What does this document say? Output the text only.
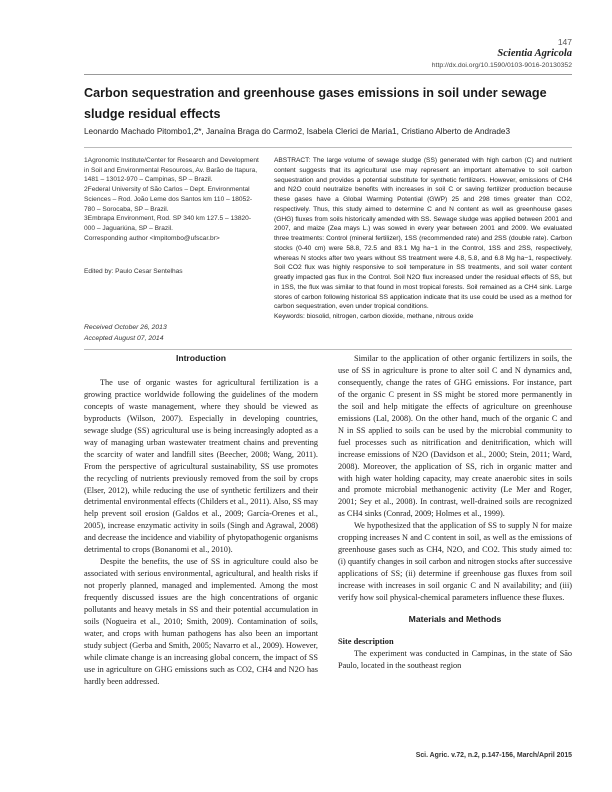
147
Scientia Agricola
http://dx.doi.org/10.1590/0103-9016-20130352
Carbon sequestration and greenhouse gases emissions in soil under sewage sludge residual effects
Leonardo Machado Pitombo1,2*, Janaína Braga do Carmo2, Isabela Clerici de Maria1, Cristiano Alberto de Andrade3

1Agronomic Institute/Center for Research and Development in Soil and Environmental Resources, Av. Barão de Itapura, 1481 – 13012-970 – Campinas, SP – Brazil.

2Federal University of São Carlos – Dept. Environmental Sciences – Rod. João Leme dos Santos km 110 – 18052-780 – Sorocaba, SP – Brazil.

3Embrapa Environment, Rod. SP 340 km 127.5 – 13820-000 – Jaguariúna, SP – Brazil.

Corresponding author <lmpitombo@ufscar.br>

Edited by: Paulo Cesar Sentelhas
ABSTRACT: The large volume of sewage sludge (SS) generated with high carbon (C) and nutrient content suggests that its agricultural use may represent an important alternative to soil carbon sequestration and provides a potential substitute for synthetic fertilizers. However, emissions of CH4 and N2O could neutralize benefits with increases in soil C or saving fertilizer production because these gases have a Global Warming Potential (GWP) 25 and 298 times greater than CO2, respectively. Thus, this study aimed to determine C and N content as well as greenhouse gases (GHG) fluxes from soils historically amended with SS. Sewage sludge was applied between 2001 and 2007, and maize (Zea mays L.) was sowed in every year between 2001 and 2009. We evaluated three treatments: Control (mineral fertilizer), 1SS (recommended rate) and 2SS (double rate). Carbon stocks (0-40 cm) were 58.8, 72.5 and 83.1 Mg ha−1 in the Control, 1SS and 2SS, respectively, whereas N stocks after two years without SS treatment were 4.8, 5.8, and 6.8 Mg ha−1, respectively. Soil CO2 flux was highly responsive to soil temperature in SS treatments, and soil water content greatly impacted gas flux in the Control. Soil N2O flux increased under the residual effects of SS, but in 1SS, the flux was similar to that found in most tropical forests. Soil remained as a CH4 sink. Large stores of carbon following historical SS application indicate that its use could be used as a method for carbon sequestration, even under tropical conditions.
Keywords: biosolid, nitrogen, carbon dioxide, methane, nitrous oxide
Received October 26, 2013
Accepted August 07, 2014
Introduction

The use of organic wastes for agricultural fertilization is a growing practice worldwide following the guidelines of the modern concepts of waste management, where they should be viewed as byproducts (Wilson, 2007). Especially in developing countries, sewage sludge (SS) agricultural use is being increasingly adopted as a way of managing urban wastewater treatment chains and preventing the scarcity of water and landfill sites (Beecher, 2008; Wang, 2011). From the perspective of agricultural sustainability, SS use promotes the recycling of nutrients previously removed from the soil by crops (Elser, 2012), while reducing the use of synthetic fertilizers and their detrimental environmental effects (Childers et al., 2011). Also, SS may help prevent soil erosion (Galdos et al., 2009; García-Orenes et al., 2005), increase enzymatic activity in soils (Singh and Agrawal, 2008) and decrease the incidence and viability of phytopathogenic organisms detrimental to crops (Bonanomi et al., 2010).

Despite the benefits, the use of SS in agriculture could also be associated with serious environmental, agricultural, and health risks if not properly planned, managed and implemented. Among the most frequently discussed issues are the high concentrations of organic pollutants and heavy metals in SS and their potential accumulation in soils (Nogueira et al., 2010; Smith, 2009). Contamination of soils, water, and crops with human pathogens has also been an important study subject (Gerba and Smith, 2005; Navarro et al., 2009). However, while climate change is an increasing global concern, the impact of SS use in agriculture on GHG emissions such as CO2, CH4 and N2O has hardly been addressed.

Similar to the application of other organic fertilizers in soils, the use of SS in agriculture is prone to alter soil C and N dynamics and, consequently, change the rates of GHG emissions. For instance, part of the organic C present in SS might be stored more permanently in the soil and help mitigate the effects of agriculture on greenhouse emissions (Lal, 2008). On the other hand, much of the organic C and N in SS applied to soils can be used by the microbial community to fuel processes such as nitrification and denitrification, which will increase emissions of N2O (Davidson et al., 2000; Stein, 2011; Ward, 2008). Moreover, the application of SS, rich in organic matter and with high water holding capacity, may create anaerobic sites in soils and promote microbial methanogenic activity (Le Mer and Roger, 2001; Sey et al., 2008). In contrast, well-drained soils are recognized as CH4 sinks (Conrad, 2009; Holmes et al., 1999).

We hypothesized that the application of SS to supply N for maize cropping increases N and C content in soil, as well as the emissions of greenhouse gases such as CH4, N2O, and CO2. This study aimed to: (i) quantify changes in soil carbon and nitrogen stocks after successive applications of SS; (ii) determine if greenhouse gas fluxes from soil increase with increases in soil organic C and N availability; and (iii) verify how soil physical-chemical parameters influence these fluxes.

Materials and Methods
Site description

The experiment was conducted in Campinas, in the state of São Paulo, located in the southeast region

Sci. Agric. v.72, n.2, p.147-156, March/April 2015
